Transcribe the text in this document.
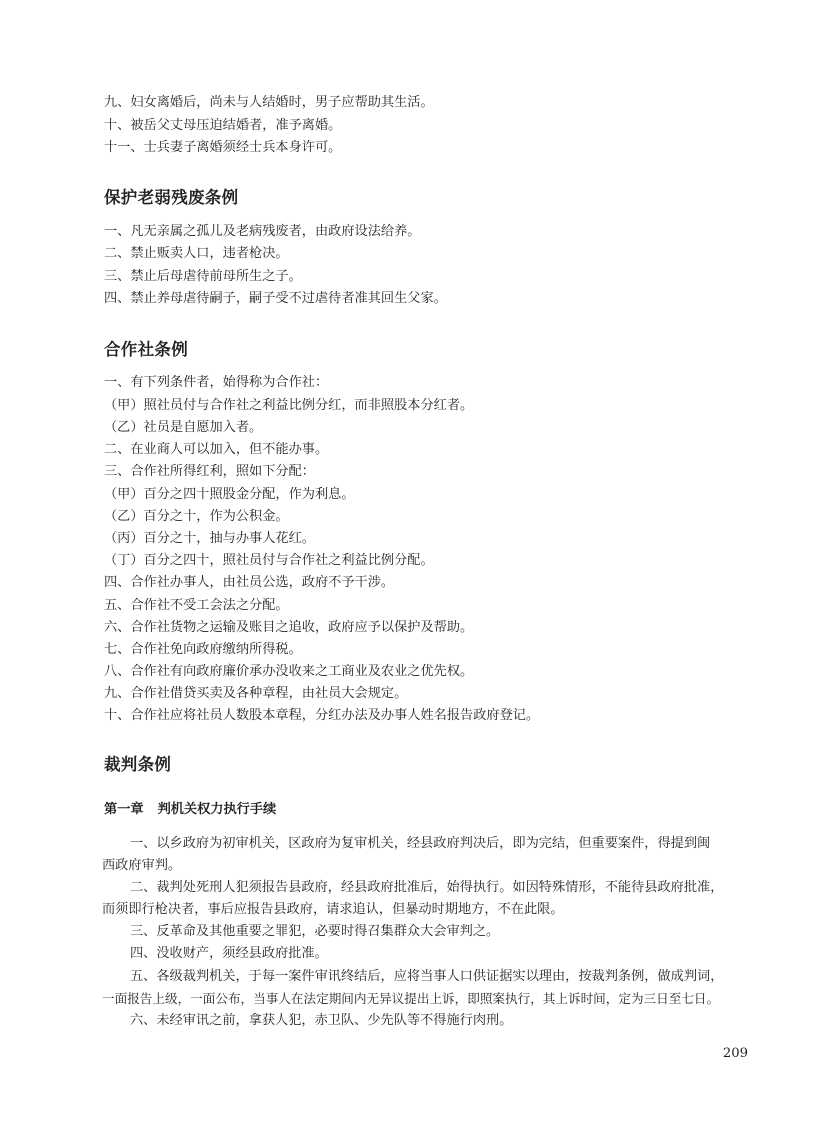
九、妇女离婚后，尚未与人结婚时，男子应帮助其生活。
十、被岳父丈母压迫结婚者，准予离婚。
十一、士兵妻子离婚须经士兵本身许可。
保护老弱残废条例
一、凡无亲属之孤儿及老病残废者，由政府设法给养。
二、禁止贩卖人口，违者枪决。
三、禁止后母虐待前母所生之子。
四、禁止养母虐待嗣子，嗣子受不过虐待者准其回生父家。
合作社条例
一、有下列条件者，始得称为合作社：
（甲）照社员付与合作社之利益比例分红，而非照股本分红者。
（乙）社员是自愿加入者。
二、在业商人可以加入，但不能办事。
三、合作社所得红利，照如下分配：
（甲）百分之四十照股金分配，作为利息。
（乙）百分之十，作为公积金。
（丙）百分之十，抽与办事人花红。
（丁）百分之四十，照社员付与合作社之利益比例分配。
四、合作社办事人，由社员公选，政府不予干涉。
五、合作社不受工会法之分配。
六、合作社货物之运输及账目之追收，政府应予以保护及帮助。
七、合作社免向政府缴纳所得税。
八、合作社有向政府廉价承办没收来之工商业及农业之优先权。
九、合作社借贷买卖及各种章程，由社员大会规定。
十、合作社应将社员人数股本章程，分红办法及办事人姓名报告政府登记。
裁判条例
第一章 判机关权力执行手续
一、以乡政府为初审机关，区政府为复审机关，经县政府判决后，即为完结，但重要案件，得提到闽
西政府审判。
二、裁判处死刑人犯须报告县政府，经县政府批准后，始得执行。如因特殊情形，不能待县政府批准，
而须即行枪决者，事后应报告县政府，请求追认，但暴动时期地方，不在此限。
三、反革命及其他重要之罪犯，必要时得召集群众大会审判之。
四、没收财产，须经县政府批准。
五、各级裁判机关，于每一案件审讯终结后，应将当事人口供证据实以理由，按裁判条例，做成判词，
一面报告上级，一面公布，当事人在法定期间内无异议提出上诉，即照案执行，其上诉时间，定为三日至七日。
六、未经审讯之前，拿获人犯，赤卫队、少先队等不得施行肉刑。
209
